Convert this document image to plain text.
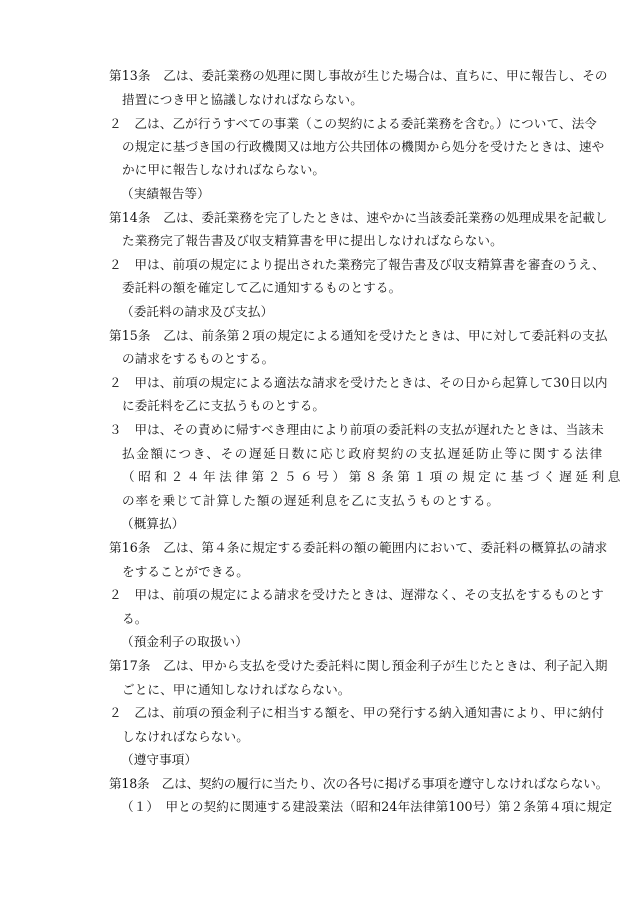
第13条　乙は、委託業務の処理に関し事故が生じた場合は、直ちに、甲に報告し、その
措置につき甲と協議しなければならない。
２　乙は、乙が行うすべての事業（この契約による委託業務を含む。）について、法令
の規定に基づき国の行政機関又は地方公共団体の機関から処分を受けたときは、速や
かに甲に報告しなければならない。
（実績報告等）
第14条　乙は、委託業務を完了したときは、速やかに当該委託業務の処理成果を記載し
た業務完了報告書及び収支精算書を甲に提出しなければならない。
２　甲は、前項の規定により提出された業務完了報告書及び収支精算書を審査のうえ、
委託料の額を確定して乙に通知するものとする。
（委託料の請求及び支払）
第15条　乙は、前条第２項の規定による通知を受けたときは、甲に対して委託料の支払
の請求をするものとする。
２　甲は、前項の規定による適法な請求を受けたときは、その日から起算して30日以内
に委託料を乙に支払うものとする。
３　甲は、その責めに帰すべき理由により前項の委託料の支払が遅れたときは、当該未
払金額につき、その遅延日数に応じ政府契約の支払遅延防止等に関する法律
（昭和２４年法律第２５６号）第８条第１項の規定に基づく遅延利息
の率を乗じて計算した額の遅延利息を乙に支払うものとする。
（概算払）
第16条　乙は、第４条に規定する委託料の額の範囲内において、委託料の概算払の請求
をすることができる。
２　甲は、前項の規定による請求を受けたときは、遅滞なく、その支払をするものとす
る。
（預金利子の取扱い）
第17条　乙は、甲から支払を受けた委託料に関し預金利子が生じたときは、利子記入期
ごとに、甲に通知しなければならない。
２　乙は、前項の預金利子に相当する額を、甲の発行する納入通知書により、甲に納付
しなければならない。
（遵守事項）
第18条　乙は、契約の履行に当たり、次の各号に掲げる事項を遵守しなければならない。
（１）　甲との契約に関連する建設業法（昭和24年法律第100号）第２条第４項に規定
